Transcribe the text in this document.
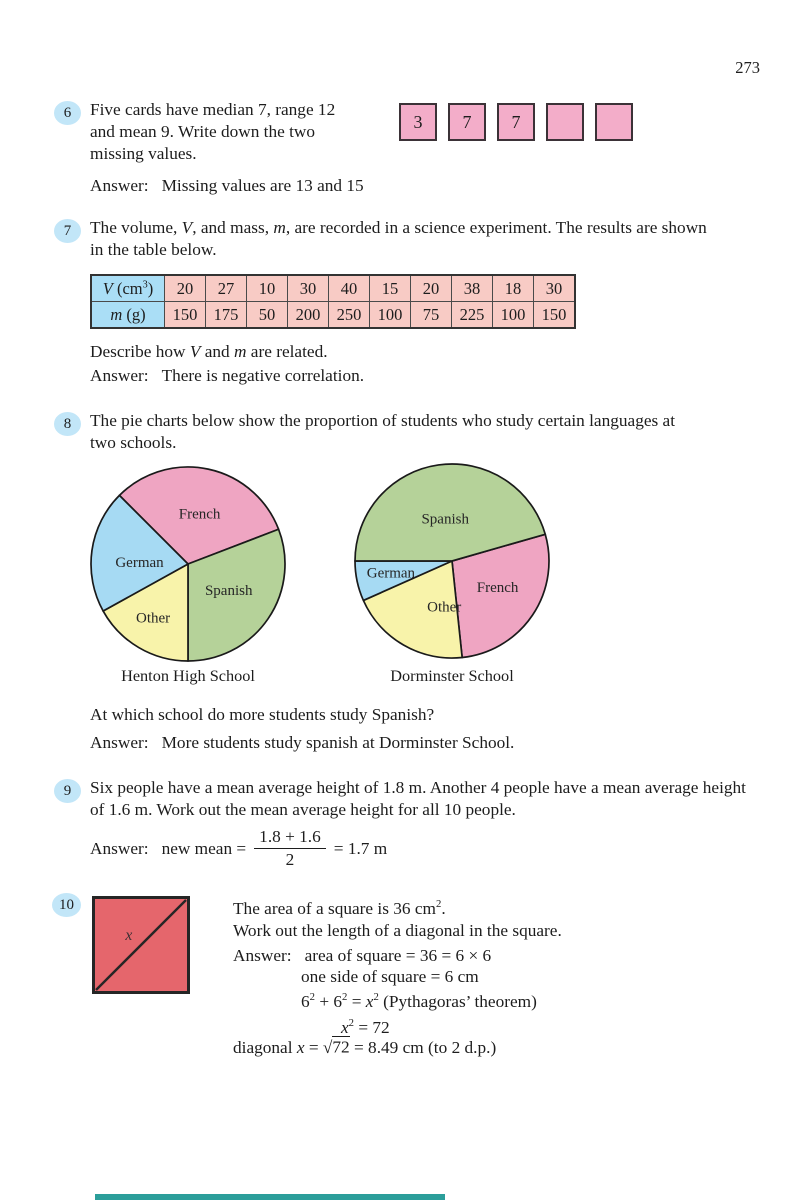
273
6	Five cards have median 7, range 12
and mean 9. Write down the two
missing values.
3	7	7
Answer: Missing values are 13 and 15
7	The volume, V, and mass, m, are recorded in a science experiment. The results are shown
in the table below.
V $(cm^3)$	20	27	10	30	40	15	20	38	18	30
m (g)	150	175	50	200	250	100	75	225	100	150
Describe how V and m are related.
Answer: There is negative correlation.
8	The pie charts below show the proportion of students who study certain languages at
two schools.
French
Spanish
Other
German
Henton High School
French
Other
German
Spanish
Dorminster School
At which school do more students study Spanish?
Answer: More students study spanish at Dorminster School.
9	Six people have a mean average height of 1.8 m. Another 4 people have a mean average height
of 1.6 m. Work out the mean average height for all 10 people.
Answer: new mean = $\frac{1.8 + 1.6}{2} = 1.7$ m
10
x
The area of a square is 36 $cm^2$.
Work out the length of a diagonal in the square.
Answer: area of square = 36 = 6 × 6
one side of square = 6 cm
$6^2 + 6^2 = x^2$ (Pythagoras’ theorem)
$x^2 = 72$
diagonal x = √72 = 8.49 cm (to 2 d.p.)
